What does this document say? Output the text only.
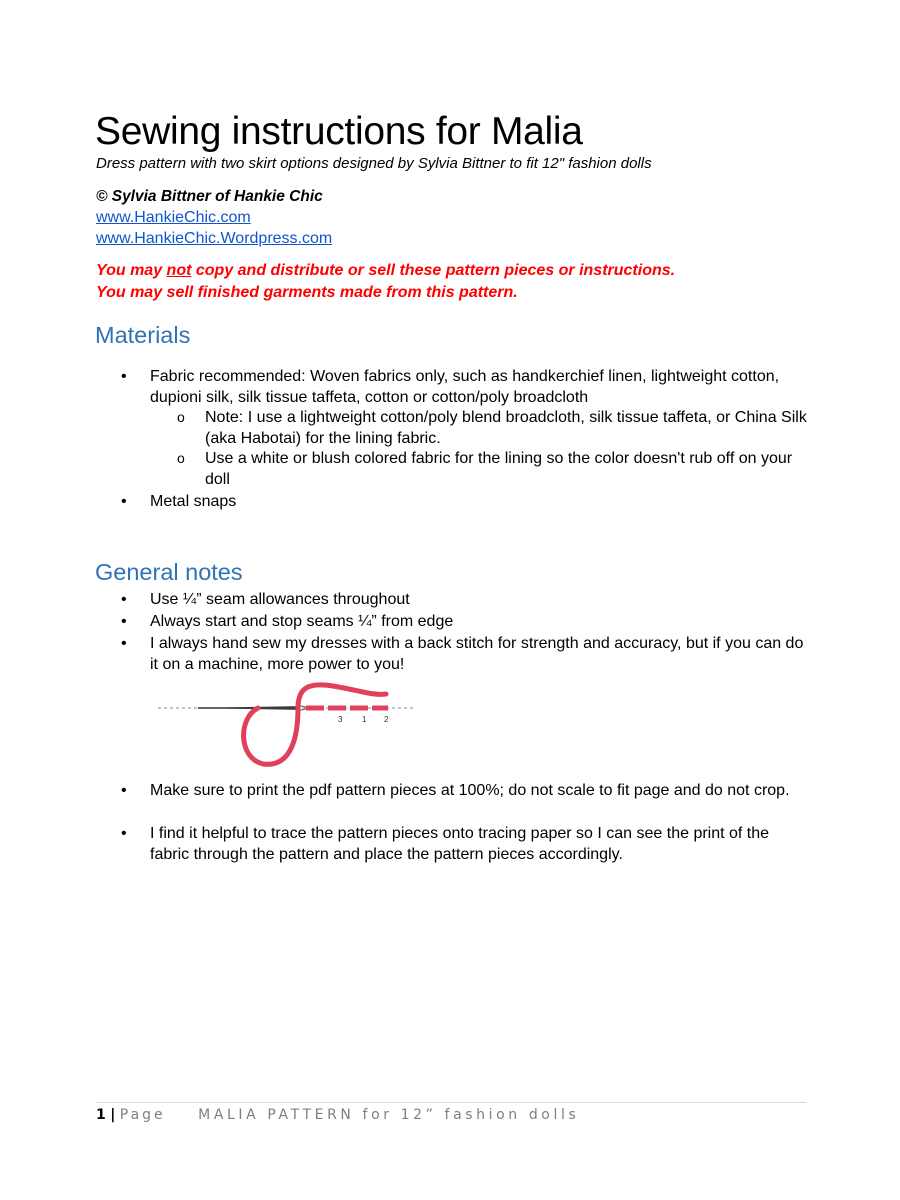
Sewing instructions for Malia
Dress pattern with two skirt options designed by Sylvia Bittner to fit 12" fashion dolls
© Sylvia Bittner of Hankie Chic
www.HankieChic.com
www.HankieChic.Wordpress.com
You may not copy and distribute or sell these pattern pieces or instructions.
You may sell finished garments made from this pattern.
Materials
• Fabric recommended: Woven fabrics only, such as handkerchief linen, lightweight cotton, dupioni silk, silk tissue taffeta, cotton or cotton/poly broadcloth
o Note: I use a lightweight cotton/poly blend broadcloth, silk tissue taffeta, or China Silk (aka Habotai) for the lining fabric.
o Use a white or blush colored fabric for the lining so the color doesn't rub off on your doll
• Metal snaps
General notes
• Use ¼” seam allowances throughout
• Always start and stop seams ¼” from edge
• I always hand sew my dresses with a back stitch for strength and accuracy, but if you can do it on a machine, more power to you!
3 1 2
• Make sure to print the pdf pattern pieces at 100%; do not scale to fit page and do not crop.
• I find it helpful to trace the pattern pieces onto tracing paper so I can see the print of the fabric through the pattern and place the pattern pieces accordingly.
1 | Page MALIA PATTERN for 12” fashion dolls
